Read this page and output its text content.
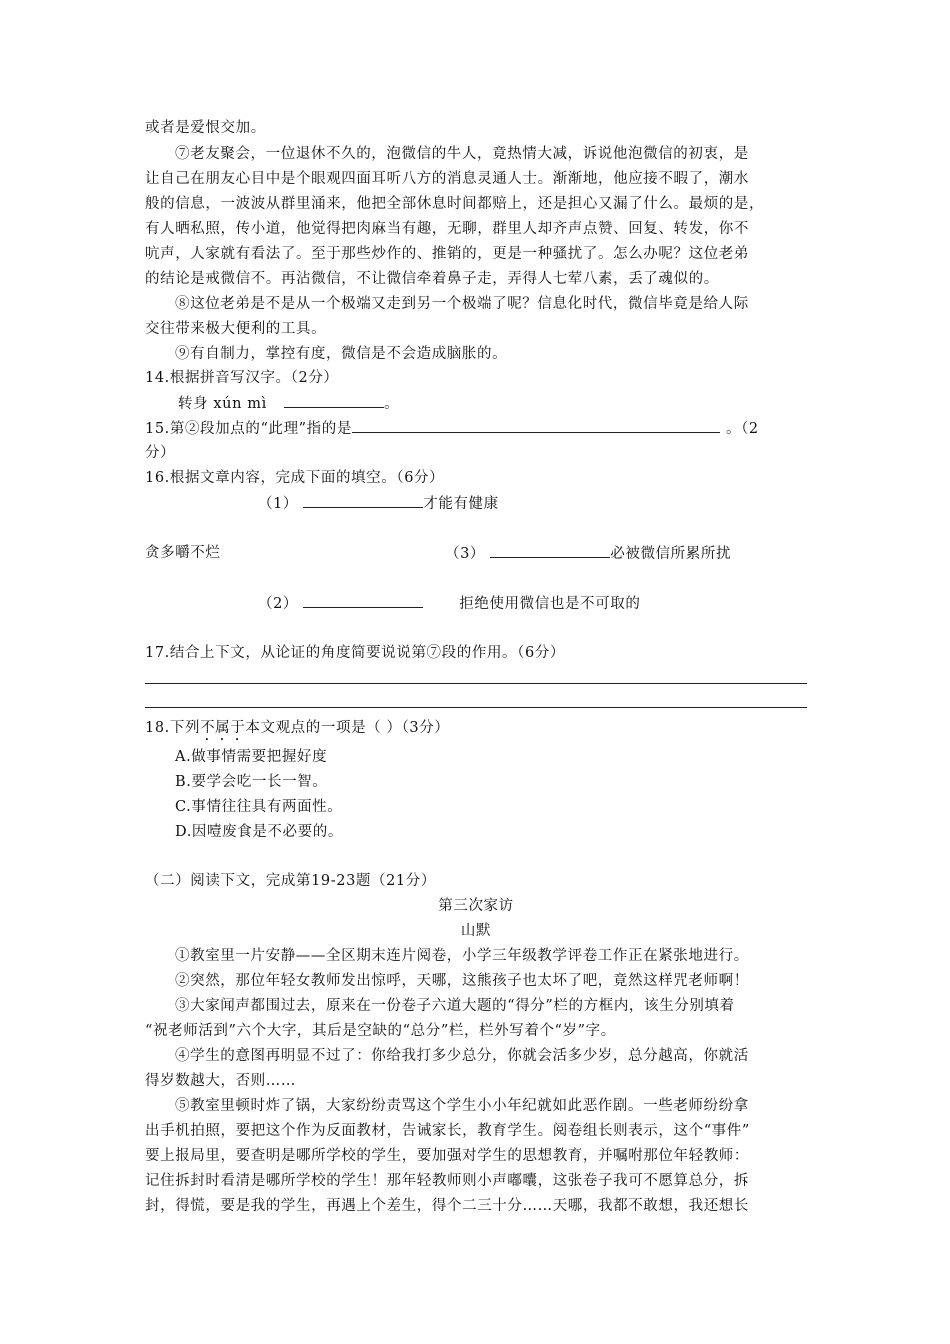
或者是爱恨交加。
⑦老友聚会，一位退休不久的，泡微信的牛人，竟热情大减，诉说他泡微信的初衷，是
让自己在朋友心目中是个眼观四面耳听八方的消息灵通人士。渐渐地，他应接不暇了，潮水
般的信息，一波波从群里涌来，他把全部休息时间都赔上，还是担心又漏了什么。最烦的是，
有人晒私照，传小道，他觉得把肉麻当有趣，无聊，群里人却齐声点赞、回复、转发，你不
吭声，人家就有看法了。至于那些炒作的、推销的，更是一种骚扰了。怎么办呢？这位老弟
的结论是戒微信不。再沾微信，不让微信牵着鼻子走，弄得人七荤八素，丢了魂似的。
⑧这位老弟是不是从一个极端又走到另一个极端了呢？信息化时代，微信毕竟是给人际
交往带来极大便利的工具。
⑨有自制力，掌控有度，微信是不会造成脑胀的。
14.根据拼音写汉字。（2分）
转身 xún mì	。
15.第②段加点的“此理”指的是	。（2
分）
16.根据文章内容，完成下面的填空。（6分）
（1）	才能有健康
贪多嚼不烂	（3）	必被微信所累所扰
（2）	拒绝使用微信也是不可取的
17.结合上下文，从论证的角度简要说说第⑦段的作用。（6分）
18.下列不属于本文观点的一项是（ ）（3分）
A.做事情需要把握好度
B.要学会吃一长一智。
C.事情往往具有两面性。
D.因噎废食是不必要的。
（二）阅读下文，完成第19-23题（21分）
第三次家访
山默
①教室里一片安静——全区期末连片阅卷，小学三年级教学评卷工作正在紧张地进行。
②突然，那位年轻女教师发出惊呼，天哪，这熊孩子也太坏了吧，竟然这样咒老师啊！
③大家闻声都围过去，原来在一份卷子六道大题的“得分”栏的方框内，该生分别填着
“祝老师活到”六个大字，其后是空缺的“总分”栏，栏外写着个“岁”字。
④学生的意图再明显不过了：你给我打多少总分，你就会活多少岁，总分越高，你就活
得岁数越大，否则……
⑤教室里顿时炸了锅，大家纷纷责骂这个学生小小年纪就如此恶作剧。一些老师纷纷拿
出手机拍照，要把这个作为反面教材，告诫家长，教育学生。阅卷组长则表示，这个“事件”
要上报局里，要查明是哪所学校的学生，要加强对学生的思想教育，并嘱咐那位年轻教师：
记住拆封时看清是哪所学校的学生！那年轻教师则小声嘟囔，这张卷子我可不愿算总分，拆
封，得慌，要是我的学生，再遇上个差生，得个二三十分……天哪，我都不敢想，我还想长
